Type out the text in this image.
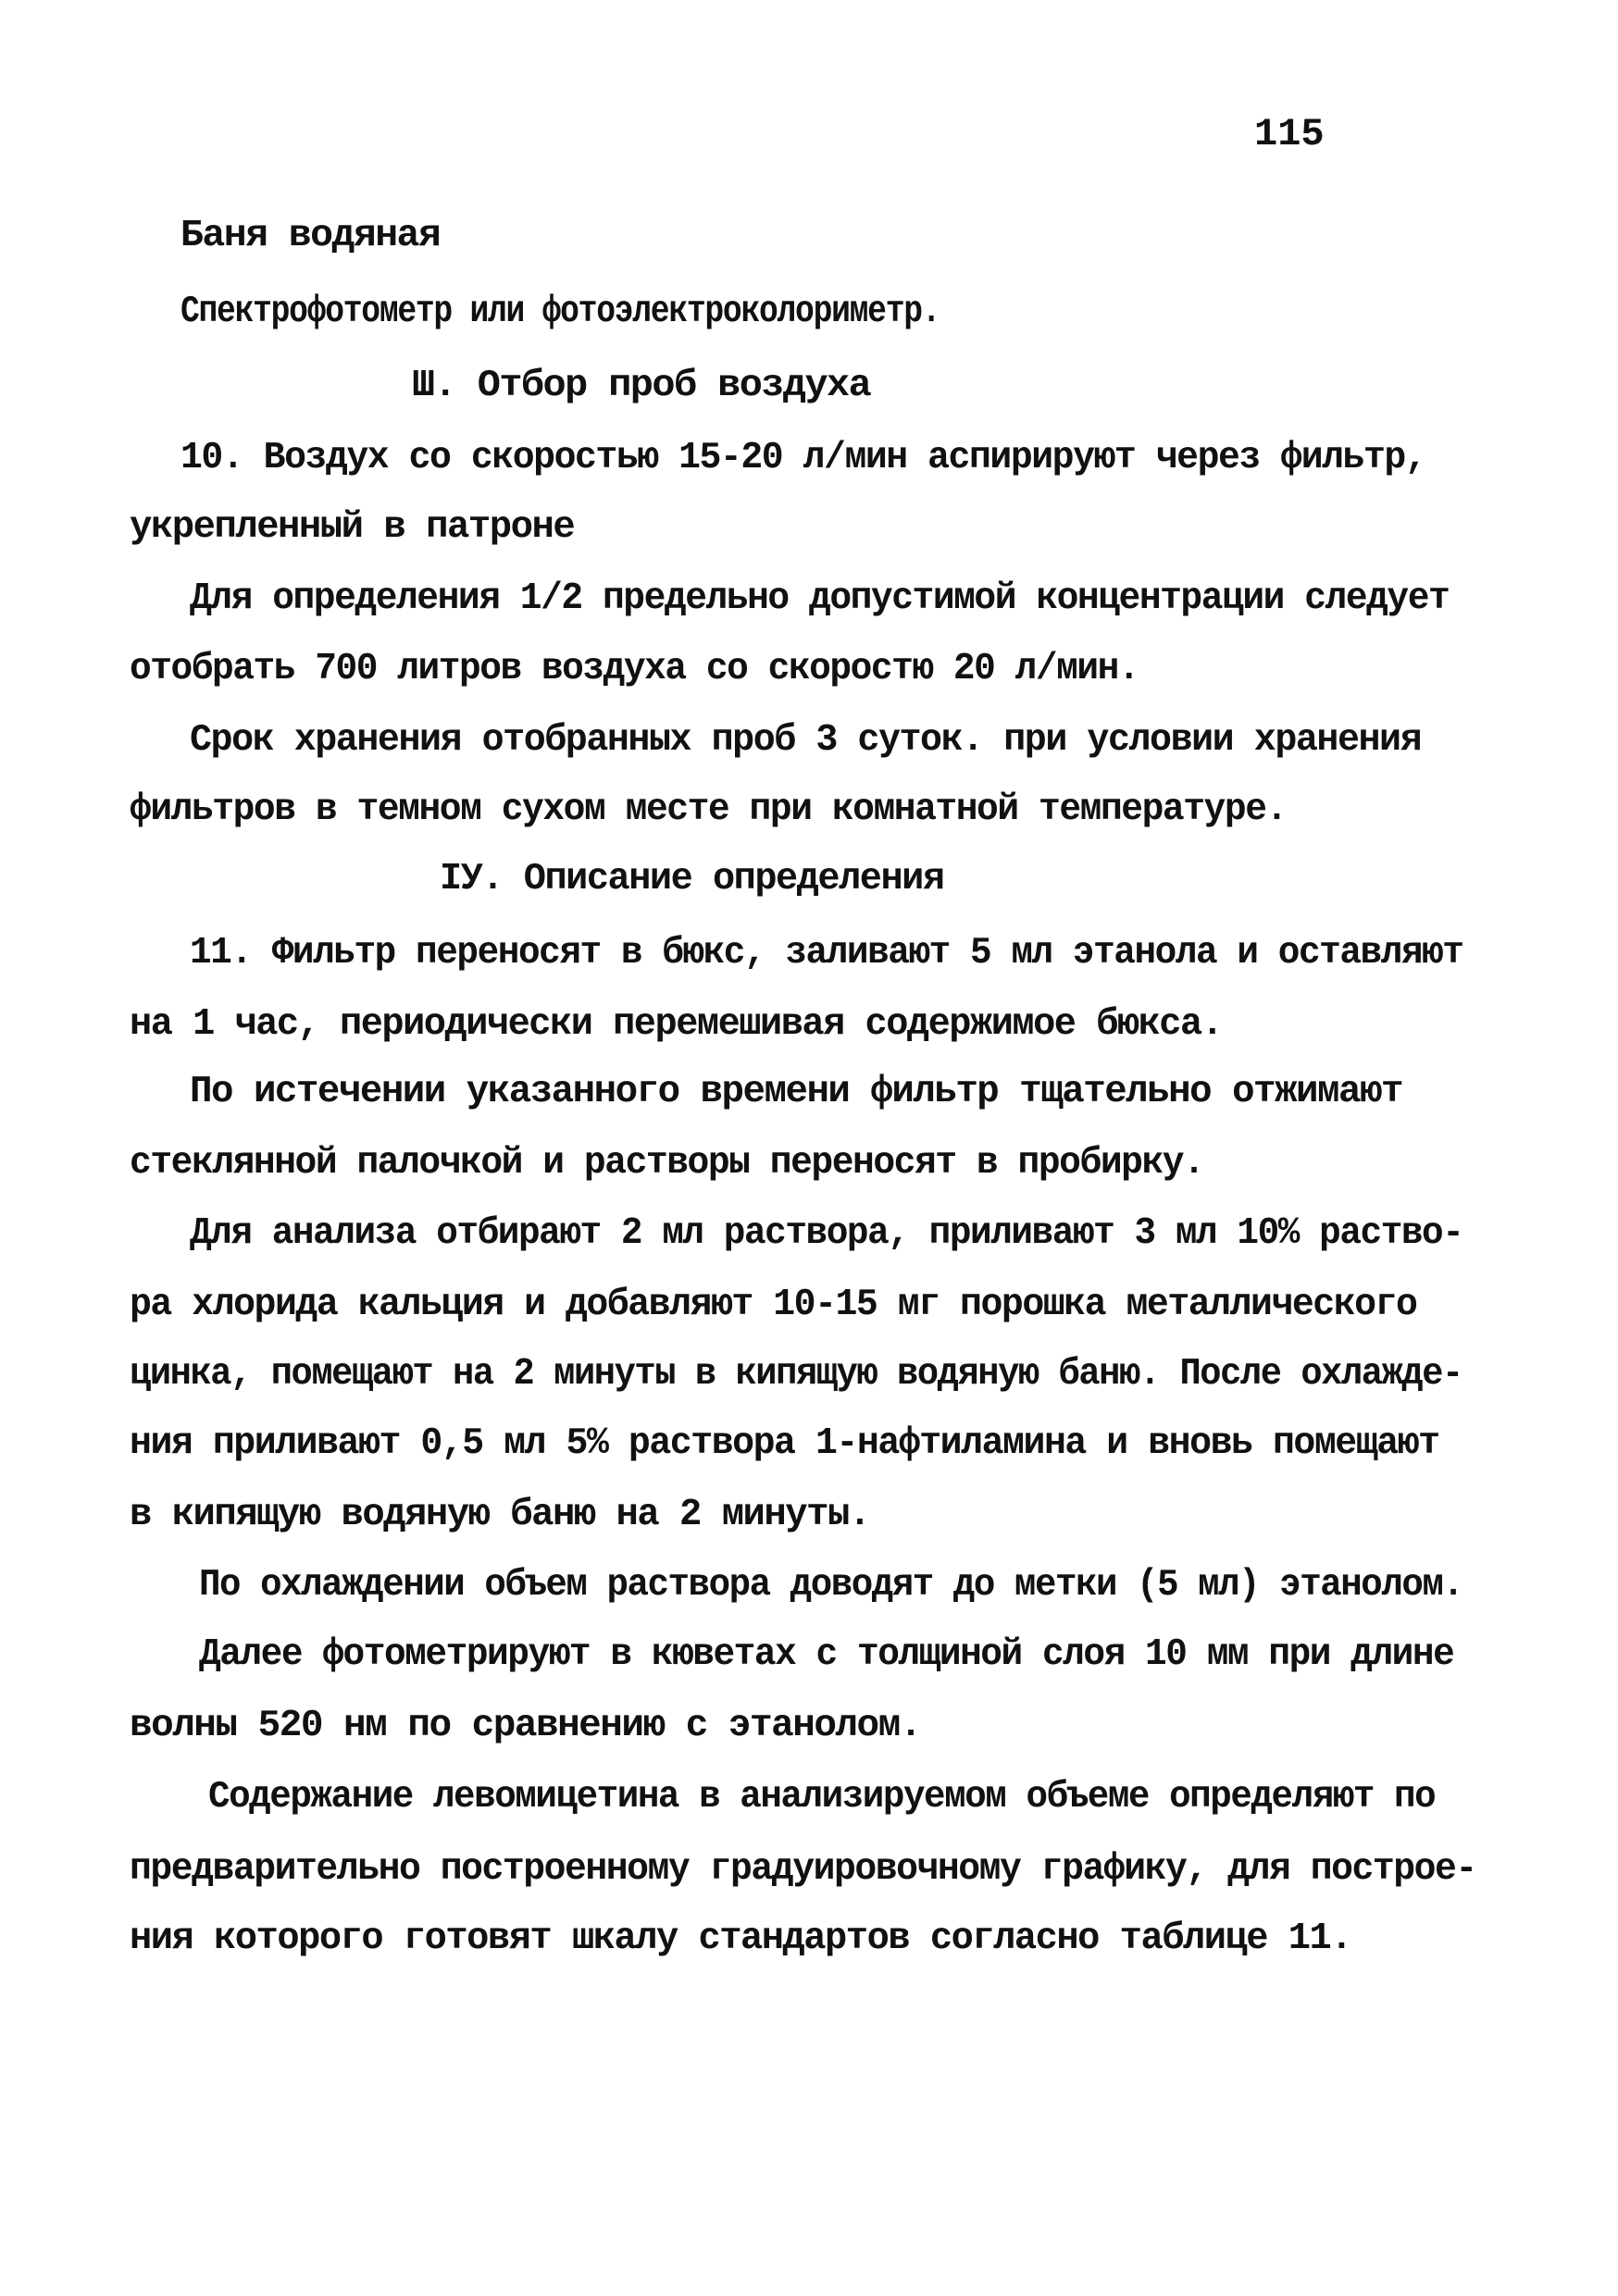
115
Баня водяная
Спектрофотометр или фотоэлектроколориметр.
Ш. Отбор проб воздуха
10. Воздух со скоростью 15-20 л/мин аспирируют через фильтр,
укрепленный в патроне
Для определения 1/2 предельно допустимой концентрации следует
отобрать 700 литров воздуха со скоростю 20 л/мин.
Срок хранения отобранных проб 3 суток. при условии хранения
фильтров в темном сухом месте при комнатной температуре.
IУ. Описание определения
11. Фильтр переносят в бюкс, заливают 5 мл этанола и оставляют
на 1 час, периодически перемешивая содержимое бюкса.
По истечении указанного времени фильтр тщательно отжимают
стеклянной палочкой и растворы переносят в пробирку.
Для анализа отбирают 2 мл раствора, приливают 3 мл 10% раство-
ра хлорида кальция и добавляют 10-15 мг порошка металлического
цинка, помещают на 2 минуты в кипящую водяную баню. После охлажде-
ния приливают 0,5 мл 5% раствора 1-нафтиламина и вновь помещают
в кипящую водяную баню на 2 минуты.
По охлаждении объем раствора доводят до метки (5 мл) этанолом.
Далее фотометрируют в кюветах с толщиной слоя 10 мм при длине
волны 520 нм по сравнению с этанолом.
Содержание левомицетина в анализируемом объеме определяют по
предварительно построенному градуировочному графику, для построе-
ния которого готовят шкалу стандартов согласно таблице 11.
